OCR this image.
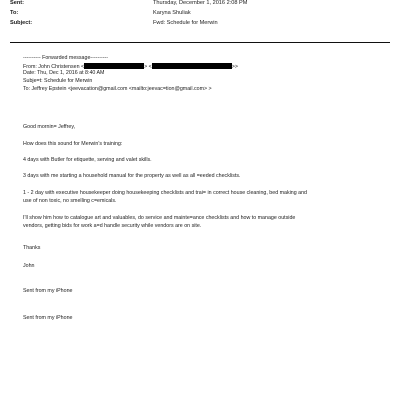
Sent:	Thursday, December 1, 2016 2:08 PM
To:	Karyna Shuliak
Subject:	Fwd: Schedule for Merwin
---------- Forwarded message----------
From: John Christensen <	> <	>>
Date: Thu, Dec 1, 2016 at 8:40 AM
Subje=t: Schedule for Merwin
To: Jeffrey Epstein <jeevacation@gmail.com <mailto:jeevac=tion@gmail.com> >
Good mornin= Jeffrey,
How does this sound for Merwin's training:
4 days with Butler for etiquette, serving and valet skills.
3 days with me starting a household manual for the property as well as all =eeded checklists.
1 - 2 day with executive housekeeper doing housekeeping checklists and trai= in correct house cleaning, bed making and
use of non toxic, no smelling c=emicals.
I'll show him how to catalogue art and valuables, do service and mainte=ance checklists and how to manage outside
vendors, getting bids for work a=d handle security while vendors are on site.
Thanks
John
Sent from my iPhone
Sent from my iPhone
